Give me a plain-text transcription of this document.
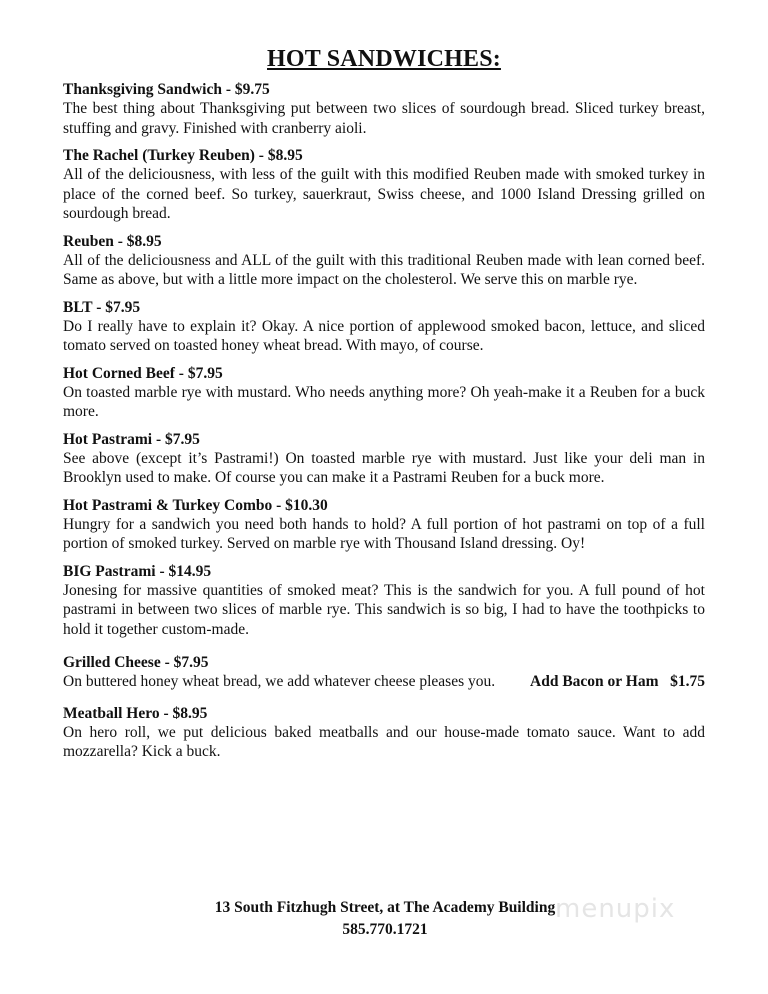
HOT SANDWICHES:
Thanksgiving Sandwich - $9.75
The best thing about Thanksgiving put between two slices of sourdough bread. Sliced turkey breast, stuffing and gravy. Finished with cranberry aioli.
The Rachel (Turkey Reuben) - $8.95
All of the deliciousness, with less of the guilt with this modified Reuben made with smoked turkey in place of the corned beef. So turkey, sauerkraut, Swiss cheese, and 1000 Island Dressing grilled on sourdough bread.
Reuben - $8.95
All of the deliciousness and ALL of the guilt with this traditional Reuben made with lean corned beef. Same as above, but with a little more impact on the cholesterol. We serve this on marble rye.
BLT - $7.95
Do I really have to explain it? Okay. A nice portion of applewood smoked bacon, lettuce, and sliced tomato served on toasted honey wheat bread. With mayo, of course.
Hot Corned Beef - $7.95
On toasted marble rye with mustard. Who needs anything more? Oh yeah-make it a Reuben for a buck more.
Hot Pastrami - $7.95
See above (except it’s Pastrami!) On toasted marble rye with mustard. Just like your deli man in Brooklyn used to make. Of course you can make it a Pastrami Reuben for a buck more.
Hot Pastrami & Turkey Combo - $10.30
Hungry for a sandwich you need both hands to hold? A full portion of hot pastrami on top of a full portion of smoked turkey. Served on marble rye with Thousand Island dressing. Oy!
BIG Pastrami - $14.95
Jonesing for massive quantities of smoked meat? This is the sandwich for you. A full pound of hot pastrami in between two slices of marble rye. This sandwich is so big, I had to have the toothpicks to hold it together custom-made.
Grilled Cheese - $7.95
On buttered honey wheat bread, we add whatever cheese pleases you. Add Bacon or Ham $1.75
Meatball Hero - $8.95
On hero roll, we put delicious baked meatballs and our house-made tomato sauce. Want to add mozzarella? Kick a buck.
13 South Fitzhugh Street, at The Academy Building
585.770.1721
menupix
